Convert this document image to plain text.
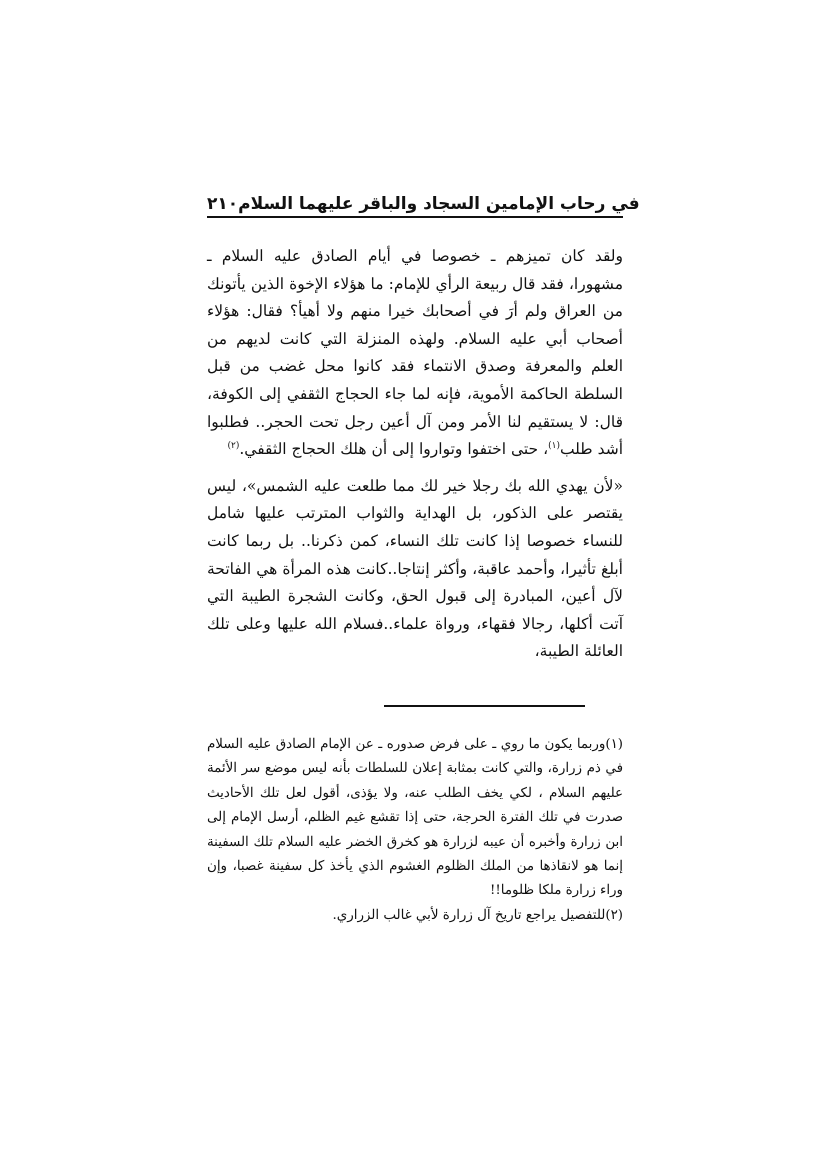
٢١٠ في رحاب الإمامين السجاد والباقر عليهما السلام

ولقد كان تميزهم ـ خصوصا في أيام الصادق عليه السلام ـ مشهورا، فقد قال ربيعة الرأي للإمام: ما هؤلاء الإخوة الذين يأتونك من العراق ولم أرَ في أصحابك خيرا منهم ولا أهيأ؟ فقال: هؤلاء أصحاب أبي عليه السلام. ولهذه المنزلة التي كانت لديهم من العلم والمعرفة وصدق الانتماء فقد كانوا محل غضب من قبل السلطة الحاكمة الأموية، فإنه لما جاء الحجاج الثقفي إلى الكوفة، قال: لا يستقيم لنا الأمر ومن آل أعين رجل تحت الحجر.. فطلبوا أشد طلب$^{(١)}$، حتى اختفوا وتواروا إلى أن هلك الحجاج الثقفي.$^{(٢)}$

«لأن يهدي الله بك رجلا خير لك مما طلعت عليه الشمس»، ليس يقتصر على الذكور، بل الهداية والثواب المترتب عليها شامل للنساء خصوصا إذا كانت تلك النساء، كمن ذكرنا.. بل ربما كانت أبلغ تأثيرا، وأحمد عاقبة، وأكثر إنتاجا..كانت هذه المرأة هي الفاتحة لآل أعين، المبادرة إلى قبول الحق، وكانت الشجرة الطيبة التي آتت أكلها، رجالا فقهاء، ورواة علماء..فسلام الله عليها وعلى تلك العائلة الطيبة،

(١)وربما يكون ما روي ـ على فرض صدوره ـ عن الإمام الصادق عليه السلام في ذم زرارة، والتي كانت بمثابة إعلان للسلطات بأنه ليس موضع سر الأئمة عليهم السلام ، لكي يخف الطلب عنه، ولا يؤذى، أقول لعل تلك الأحاديث صدرت في تلك الفترة الحرجة، حتى إذا تقشع غيم الظلم، أرسل الإمام إلى ابن زرارة وأخبره أن عيبه لزرارة هو كخرق الخضر عليه السلام تلك السفينة إنما هو لانقاذها من الملك الظلوم الغشوم الذي يأخذ كل سفينة غصبا، وإن وراء زرارة ملكا ظلوما!!

(٢)للتفصيل يراجع تاريخ آل زرارة لأبي غالب الزراري.
